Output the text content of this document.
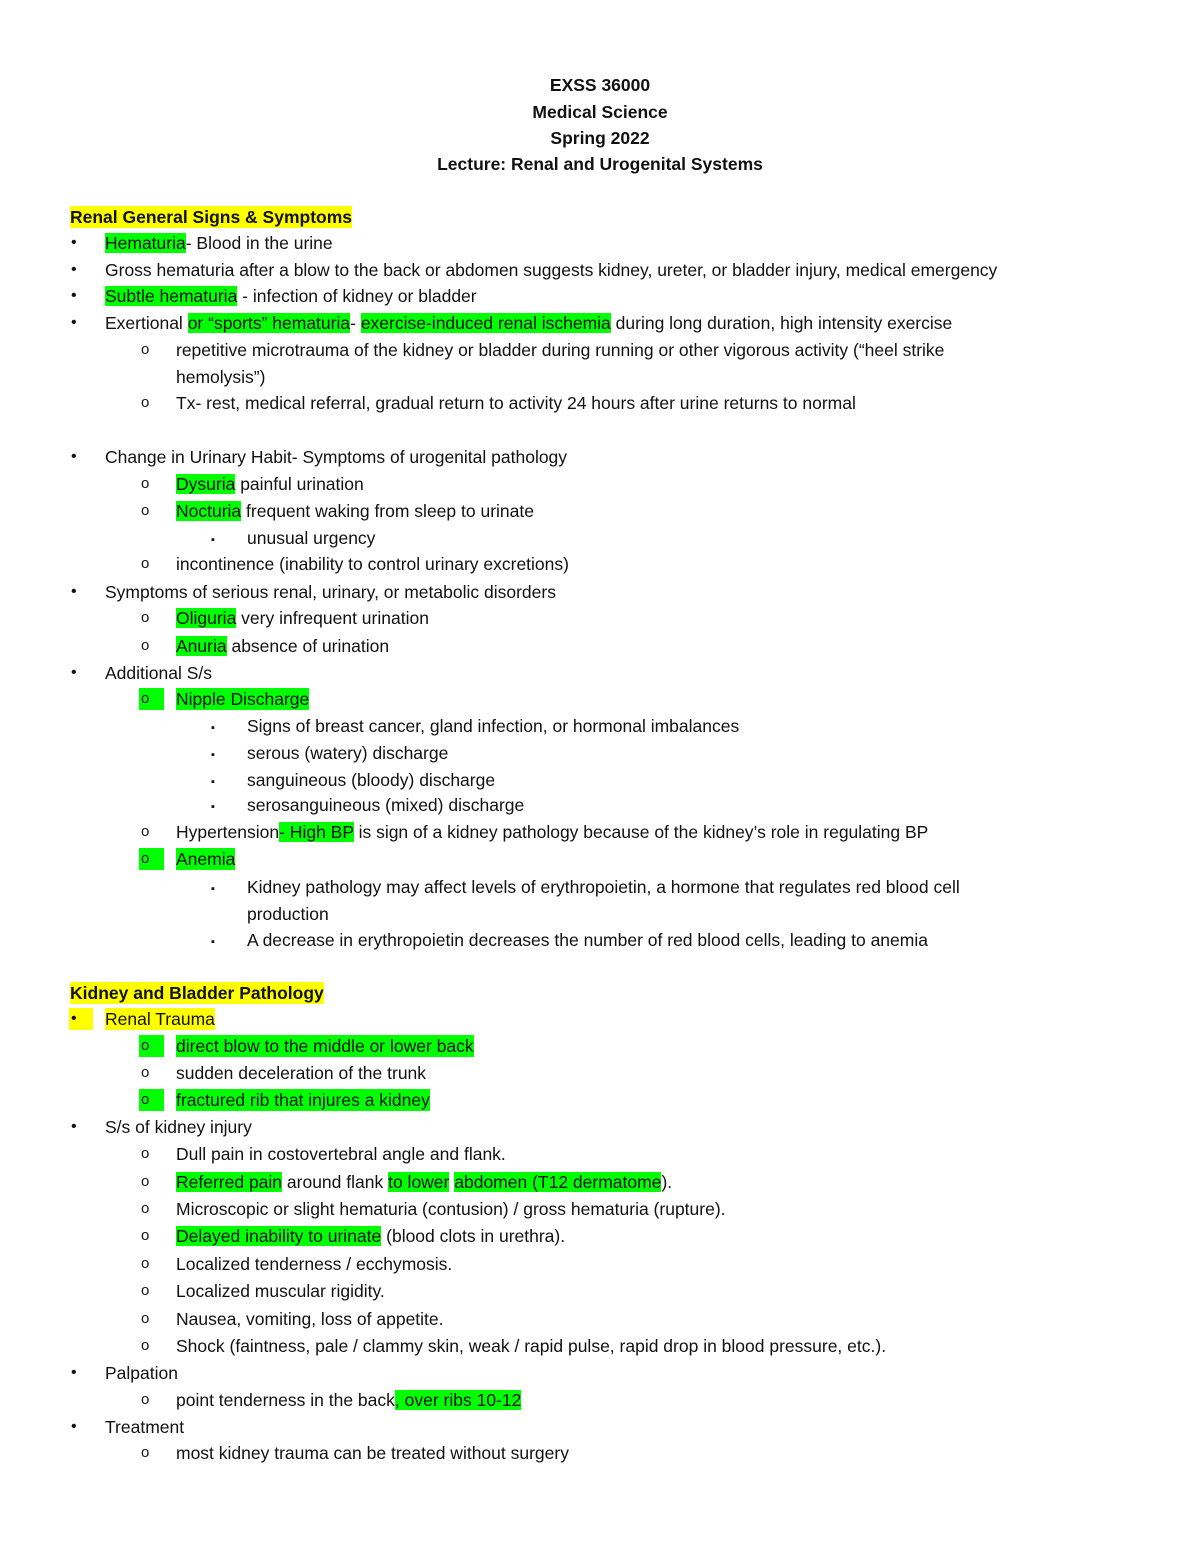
EXSS 36000
Medical Science
Spring 2022
Lecture: Renal and Urogenital Systems
Renal General Signs & Symptoms
• Hematuria- Blood in the urine
• Gross hematuria after a blow to the back or abdomen suggests kidney, ureter, or bladder injury, medical emergency
• Subtle hematuria - infection of kidney or bladder
• Exertional or “sports” hematuria- exercise-induced renal ischemia during long duration, high intensity exercise
o repetitive microtrauma of the kidney or bladder during running or other vigorous activity (“heel strike
hemolysis”)
o Tx- rest, medical referral, gradual return to activity 24 hours after urine returns to normal
• Change in Urinary Habit- Symptoms of urogenital pathology
o Dysuria painful urination
o Nocturia frequent waking from sleep to urinate
▪ unusual urgency
o incontinence (inability to control urinary excretions)
• Symptoms of serious renal, urinary, or metabolic disorders
o Oliguria very infrequent urination
o Anuria absence of urination
• Additional S/s
o	Nipple Discharge
▪ Signs of breast cancer, gland infection, or hormonal imbalances
▪ serous (watery) discharge
▪ sanguineous (bloody) discharge
▪ serosanguineous (mixed) discharge
o Hypertension- High BP is sign of a kidney pathology because of the kidney’s role in regulating BP
o	Anemia
▪ Kidney pathology may affect levels of erythropoietin, a hormone that regulates red blood cell
production
▪ A decrease in erythropoietin decreases the number of red blood cells, leading to anemia
Kidney and Bladder Pathology
•	Renal Trauma
o	direct blow to the middle or lower back
o sudden deceleration of the trunk
o	fractured rib that injures a kidney
• S/s of kidney injury
o Dull pain in costovertebral angle and flank.
o Referred pain around flank to lower abdomen (T12 dermatome).
o Microscopic or slight hematuria (contusion) / gross hematuria (rupture).
o Delayed inability to urinate (blood clots in urethra).
o Localized tenderness / ecchymosis.
o Localized muscular rigidity.
o Nausea, vomiting, loss of appetite.
o Shock (faintness, pale / clammy skin, weak / rapid pulse, rapid drop in blood pressure, etc.).
• Palpation
o point tenderness in the back, over ribs 10-12
• Treatment
o most kidney trauma can be treated without surgery
